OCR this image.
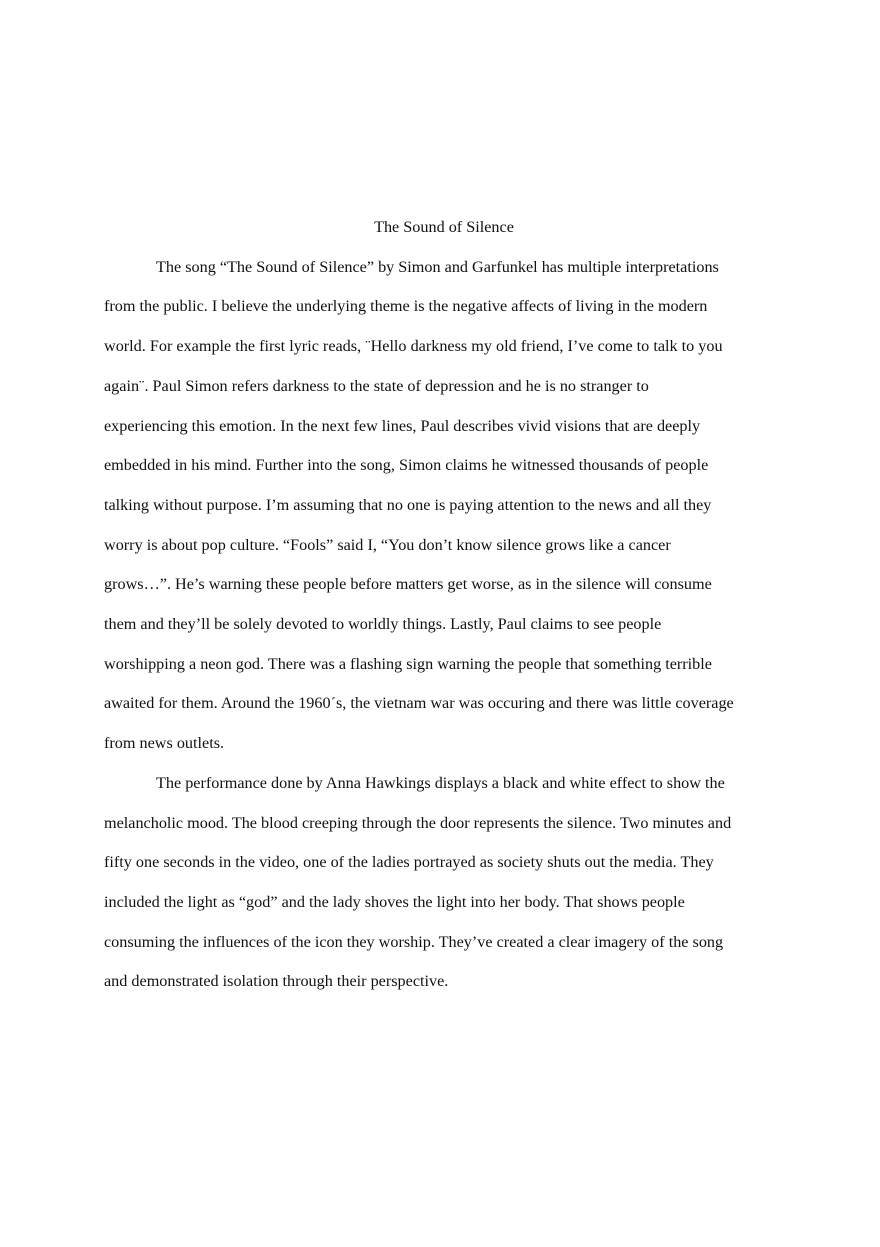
The Sound of Silence
The song “The Sound of Silence” by Simon and Garfunkel has multiple interpretations
from the public. I believe the underlying theme is the negative affects of living in the modern
world. For example the first lyric reads, ¨Hello darkness my old friend, I’ve come to talk to you
again¨. Paul Simon refers darkness to the state of depression and he is no stranger to
experiencing this emotion. In the next few lines, Paul describes vivid visions that are deeply
embedded in his mind. Further into the song, Simon claims he witnessed thousands of people
talking without purpose. I’m assuming that no one is paying attention to the news and all they
worry is about pop culture. “Fools” said I, “You don’t know silence grows like a cancer
grows…”. He’s warning these people before matters get worse, as in the silence will consume
them and they’ll be solely devoted to worldly things. Lastly, Paul claims to see people
worshipping a neon god. There was a flashing sign warning the people that something terrible
awaited for them. Around the 1960´s, the vietnam war was occuring and there was little coverage
from news outlets.
The performance done by Anna Hawkings displays a black and white effect to show the
melancholic mood. The blood creeping through the door represents the silence. Two minutes and
fifty one seconds in the video, one of the ladies portrayed as society shuts out the media. They
included the light as “god” and the lady shoves the light into her body. That shows people
consuming the influences of the icon they worship. They’ve created a clear imagery of the song
and demonstrated isolation through their perspective.
